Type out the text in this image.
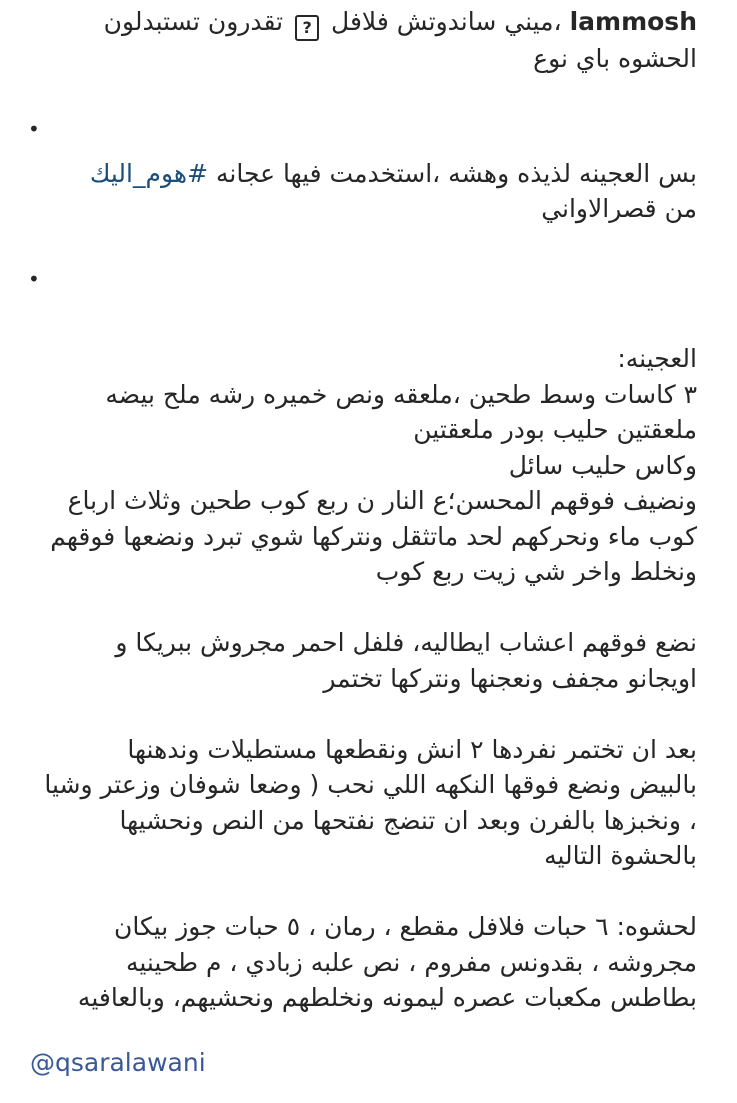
lammosh ،ميني ساندوتش فلافل ? تقدرون تستبدلون
الحشوه باي نوع
•
بس العجينه لذيذه وهشه ،استخدمت فيها عجانه #هوم_اليك
من قصرالاواني
•
العجينه:
٣ كاسات وسط طحين ،ملعقه ونص خميره رشه ملح بيضه
ملعقتين حليب بودر ملعقتين
وكاس حليب سائل
ونضيف فوقهم المحسن؛ع النار ن ربع كوب طحين وثلاث ارباع
كوب ماء ونحركهم لحد ماتثقل ونتركها شوي تبرد ونضعها فوقهم
ونخلط واخر شي زيت ربع كوب
نضع فوقهم اعشاب ايطاليه، فلفل احمر مجروش ببريكا و
اويجانو مجفف ونعجنها ونتركها تختمر
بعد ان تختمر نفردها ٢ انش ونقطعها مستطيلات وندهنها
بالبيض ونضع فوقها النكهه اللي نحب ( وضعا شوفان وزعتر وشيا
، ونخبزها بالفرن وبعد ان تنضج نفتحها من النص ونحشيها
بالحشوة التاليه
لحشوه: ٦ حبات فلافل مقطع ، رمان ، ٥ حبات جوز بيكان
مجروشه ، بقدونس مفروم ، نص علبه زبادي ، م طحينيه
بطاطس مكعبات عصره ليمونه ونخلطهم ونحشيهم، وبالعافيه
@qsaralawani
